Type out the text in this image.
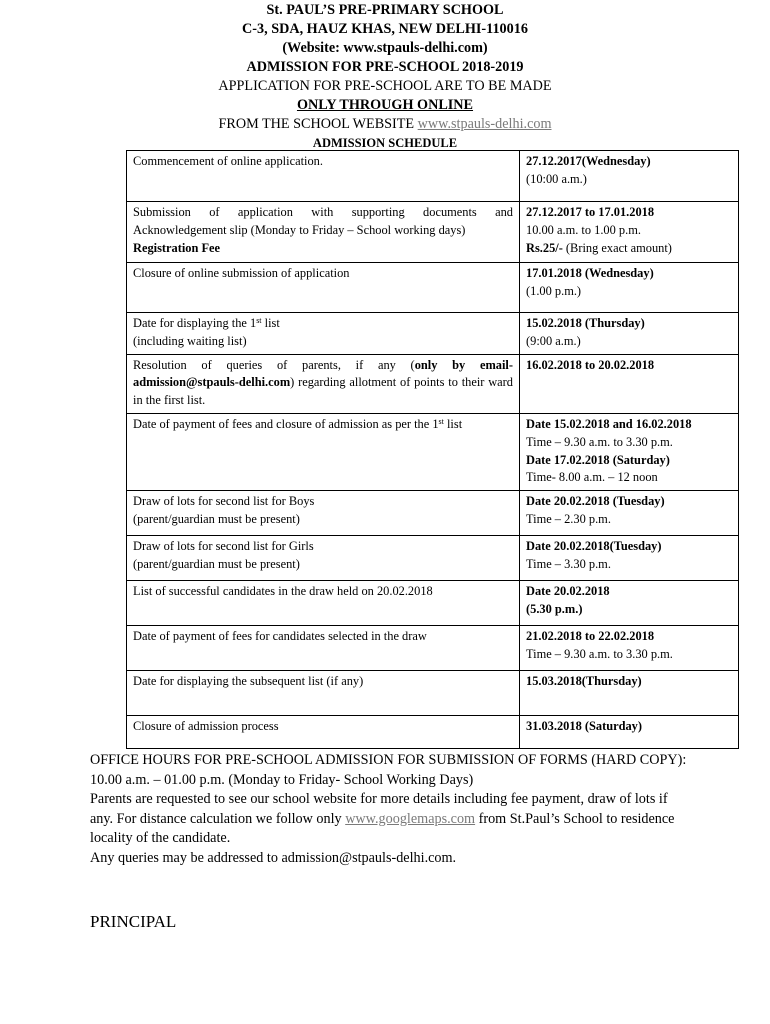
St. PAUL’S PRE-PRIMARY SCHOOL
C-3, SDA, HAUZ KHAS, NEW DELHI-110016
(Website: www.stpauls-delhi.com)
ADMISSION FOR PRE-SCHOOL 2018-2019
APPLICATION FOR PRE-SCHOOL ARE TO BE MADE
ONLY THROUGH ONLINE
FROM THE SCHOOL WEBSITE www.stpauls-delhi.com
ADMISSION SCHEDULE
Commencement of online application.	27.12.2017(Wednesday)
(10:00 a.m.)
Submission of application with supporting documents and Acknowledgement slip (Monday to Friday – School working days)
Registration Fee	27.12.2017 to 17.01.2018
10.00 a.m. to 1.00 p.m.
Rs.25/- (Bring exact amount)
Closure of online submission of application	17.01.2018 (Wednesday)
(1.00 p.m.)
Date for displaying the 1st list
(including waiting list)	15.02.2018 (Thursday)
(9:00 a.m.)
Resolution of queries of parents, if any (only by email-admission@stpauls-delhi.com) regarding allotment of points to their ward in the first list.	16.02.2018 to 20.02.2018
Date of payment of fees and closure of admission as per the 1st list	Date 15.02.2018 and 16.02.2018
Time – 9.30 a.m. to 3.30 p.m.
Date 17.02.2018 (Saturday)
Time- 8.00 a.m. – 12 noon
Draw of lots for second list for Boys
(parent/guardian must be present)	Date 20.02.2018 (Tuesday)
Time – 2.30 p.m.
Draw of lots for second list for Girls
(parent/guardian must be present)	Date 20.02.2018(Tuesday)
Time – 3.30 p.m.
List of successful candidates in the draw held on 20.02.2018	Date 20.02.2018
(5.30 p.m.)
Date of payment of fees for candidates selected in the draw	21.02.2018 to 22.02.2018
Time – 9.30 a.m. to 3.30 p.m.
Date for displaying the subsequent list (if any)	15.03.2018(Thursday)
Closure of admission process	31.03.2018 (Saturday)

OFFICE HOURS FOR PRE-SCHOOL ADMISSION FOR SUBMISSION OF FORMS (HARD COPY): 10.00 a.m. – 01.00 p.m. (Monday to Friday- School Working Days)

Parents are requested to see our school website for more details including fee payment, draw of lots if any. For distance calculation we follow only www.googlemaps.com from St.Paul’s School to residence locality of the candidate.

Any queries may be addressed to admission@stpauls-delhi.com.

PRINCIPAL
